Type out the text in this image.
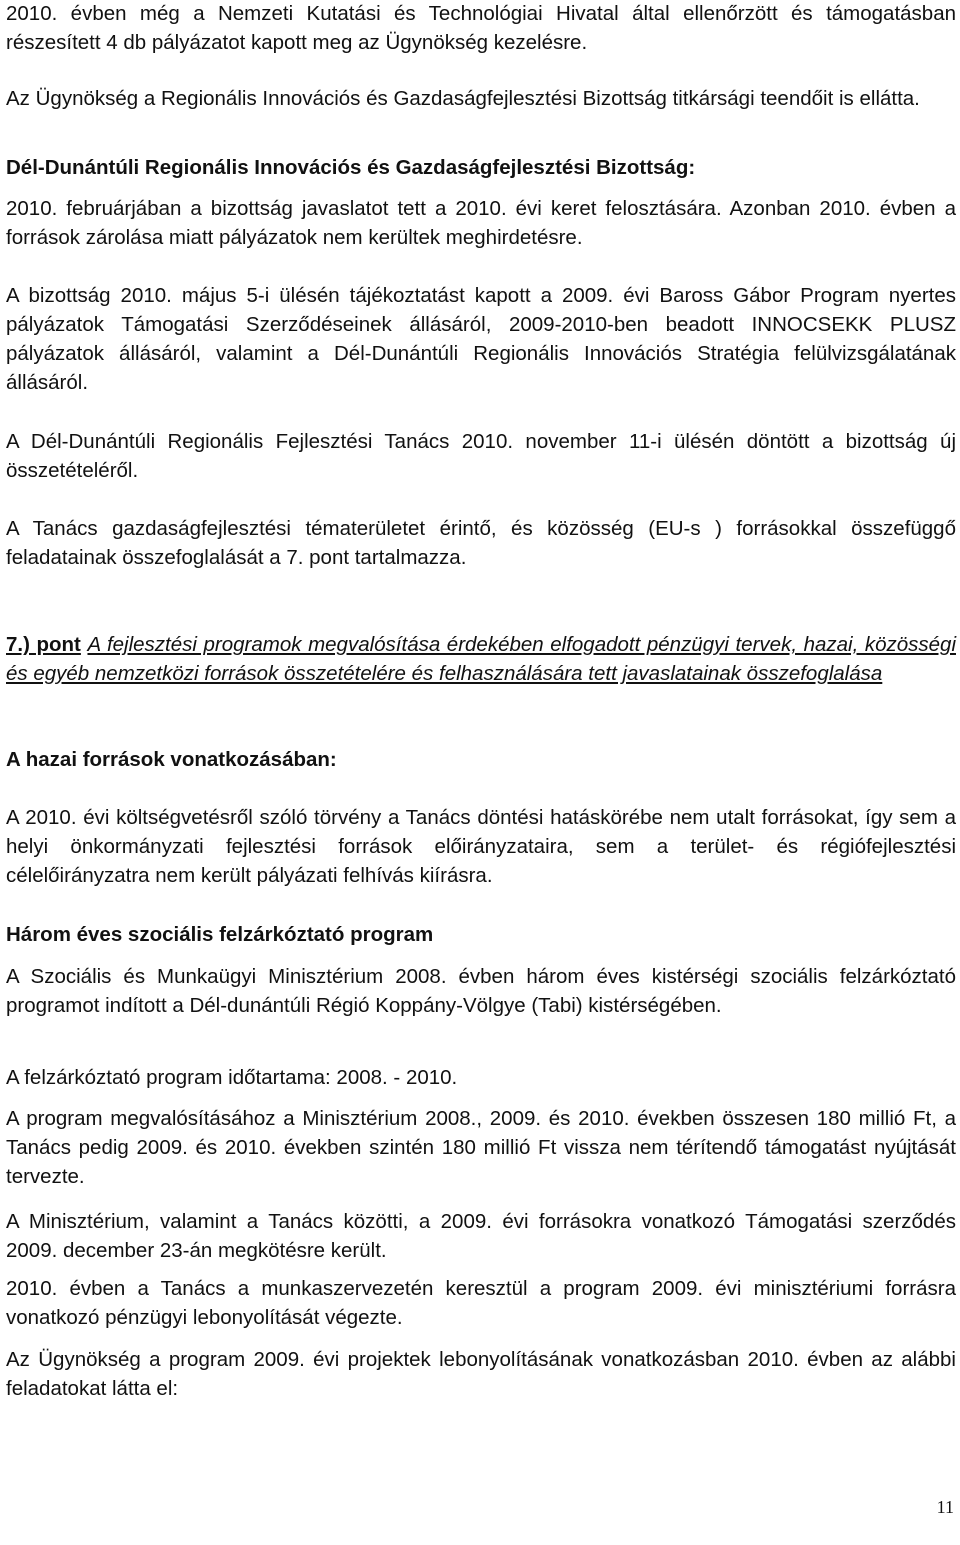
2010. évben még a Nemzeti Kutatási és Technológiai Hivatal által ellenőrzött és támogatásban részesített 4 db pályázatot kapott meg az Ügynökség kezelésre.

Az Ügynökség a Regionális Innovációs és Gazdaságfejlesztési Bizottság titkársági teendőit is ellátta.

Dél-Dunántúli Regionális Innovációs és Gazdaságfejlesztési Bizottság:

2010. februárjában a bizottság javaslatot tett a 2010. évi keret felosztására. Azonban 2010. évben a források zárolása miatt pályázatok nem kerültek meghirdetésre.

A bizottság 2010. május 5-i ülésén tájékoztatást kapott a 2009. évi Baross Gábor Program nyertes pályázatok Támogatási Szerződéseinek állásáról, 2009-2010-ben beadott INNOCSEKK PLUSZ pályázatok állásáról, valamint a Dél-Dunántúli Regionális Innovációs Stratégia felülvizsgálatának állásáról.

A Dél-Dunántúli Regionális Fejlesztési Tanács 2010. november 11-i ülésén döntött a bizottság új összetételéről.

A Tanács gazdaságfejlesztési tématerületet érintő, és közösség (EU-s ) forrásokkal összefüggő feladatainak összefoglalását a 7. pont tartalmazza.

7.) pont A fejlesztési programok megvalósítása érdekében elfogadott pénzügyi tervek, hazai, közösségi és egyéb nemzetközi források összetételére és felhasználására tett javaslatainak összefoglalása

A hazai források vonatkozásában:

A 2010. évi költségvetésről szóló törvény a Tanács döntési hatáskörébe nem utalt forrásokat, így sem a helyi önkormányzati fejlesztési források előirányzataira, sem a terület- és régiófejlesztési célelőirányzatra nem került pályázati felhívás kiírásra.

Három éves szociális felzárkóztató program

A Szociális és Munkaügyi Minisztérium 2008. évben három éves kistérségi szociális felzárkóztató programot indított a Dél-dunántúli Régió Koppány-Völgye (Tabi) kistérségében.

A felzárkóztató program időtartama: 2008. - 2010.

A program megvalósításához a Minisztérium 2008., 2009. és 2010. években összesen 180 millió Ft, a Tanács pedig 2009. és 2010. években szintén 180 millió Ft vissza nem térítendő támogatást nyújtását tervezte.

A Minisztérium, valamint a Tanács közötti, a 2009. évi forrásokra vonatkozó Támogatási szerződés 2009. december 23-án megkötésre került.

2010. évben a Tanács a munkaszervezetén keresztül a program 2009. évi minisztériumi forrásra vonatkozó pénzügyi lebonyolítását végezte.

Az Ügynökség a program 2009. évi projektek lebonyolításának vonatkozásban 2010. évben az alábbi feladatokat látta el:

11
